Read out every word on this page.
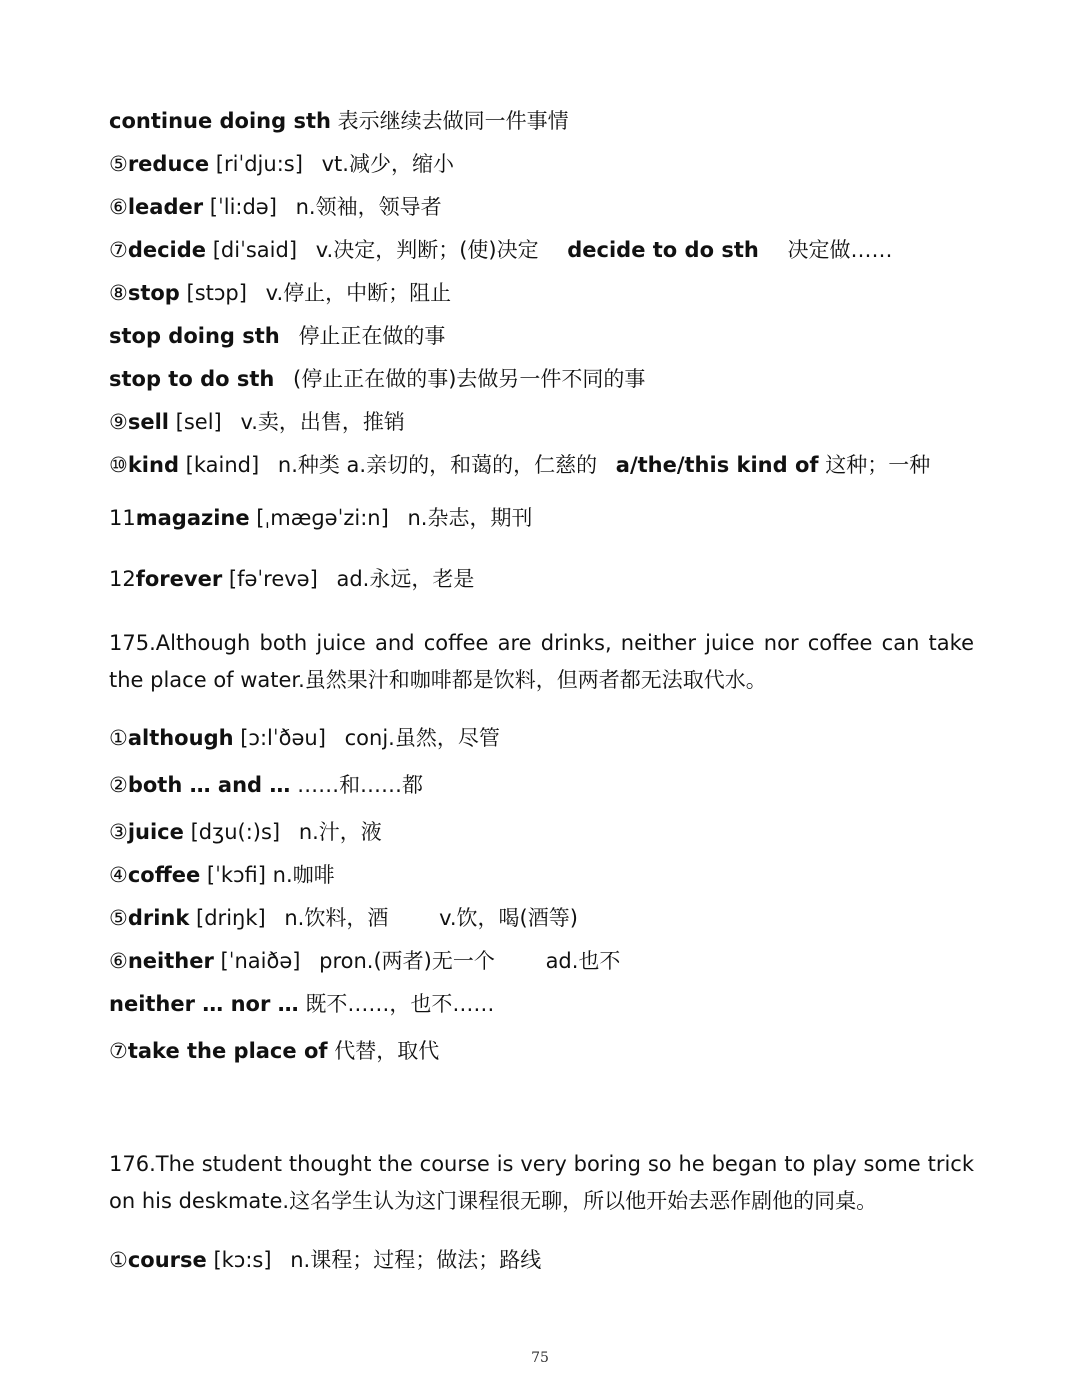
continue doing sth 表示继续去做同一件事情
⑤reduce [riˈdju:s] vt.减少，缩小
⑥leader [ˈli:də] n.领袖，领导者
⑦decide [diˈsaid] v.决定，判断；(使)决定 decide to do sth 决定做……
⑧stop [stɔp] v.停止，中断；阻止
stop doing sth 停止正在做的事
stop to do sth (停止正在做的事)去做另一件不同的事
⑨sell [sel] v.卖，出售，推销
⑩kind [kaind] n.种类 a.亲切的，和蔼的，仁慈的 a/the/this kind of 这种；一种
11magazine [ˌmæɡəˈzi:n] n.杂志，期刊
12forever [fəˈrevə] ad.永远，老是
175.Although both juice and coffee are drinks, neither juice nor coffee can take the place of water.虽然果汁和咖啡都是饮料，但两者都无法取代水。
①although [ɔ:lˈðəu] conj.虽然，尽管
②both … and … ……和……都
③juice [dʒu(:)s] n.汁，液
④coffee [ˈkɔfi] n.咖啡
⑤drink [driŋk] n.饮料，酒 v.饮，喝(酒等)
⑥neither [ˈnaiðə] pron.(两者)无一个 ad.也不
neither … nor … 既不……，也不……
⑦take the place of 代替，取代
176.The student thought the course is very boring so he began to play some trick on his deskmate.这名学生认为这门课程很无聊，所以他开始去恶作剧他的同桌。
①course [kɔ:s] n.课程；过程；做法；路线
75
